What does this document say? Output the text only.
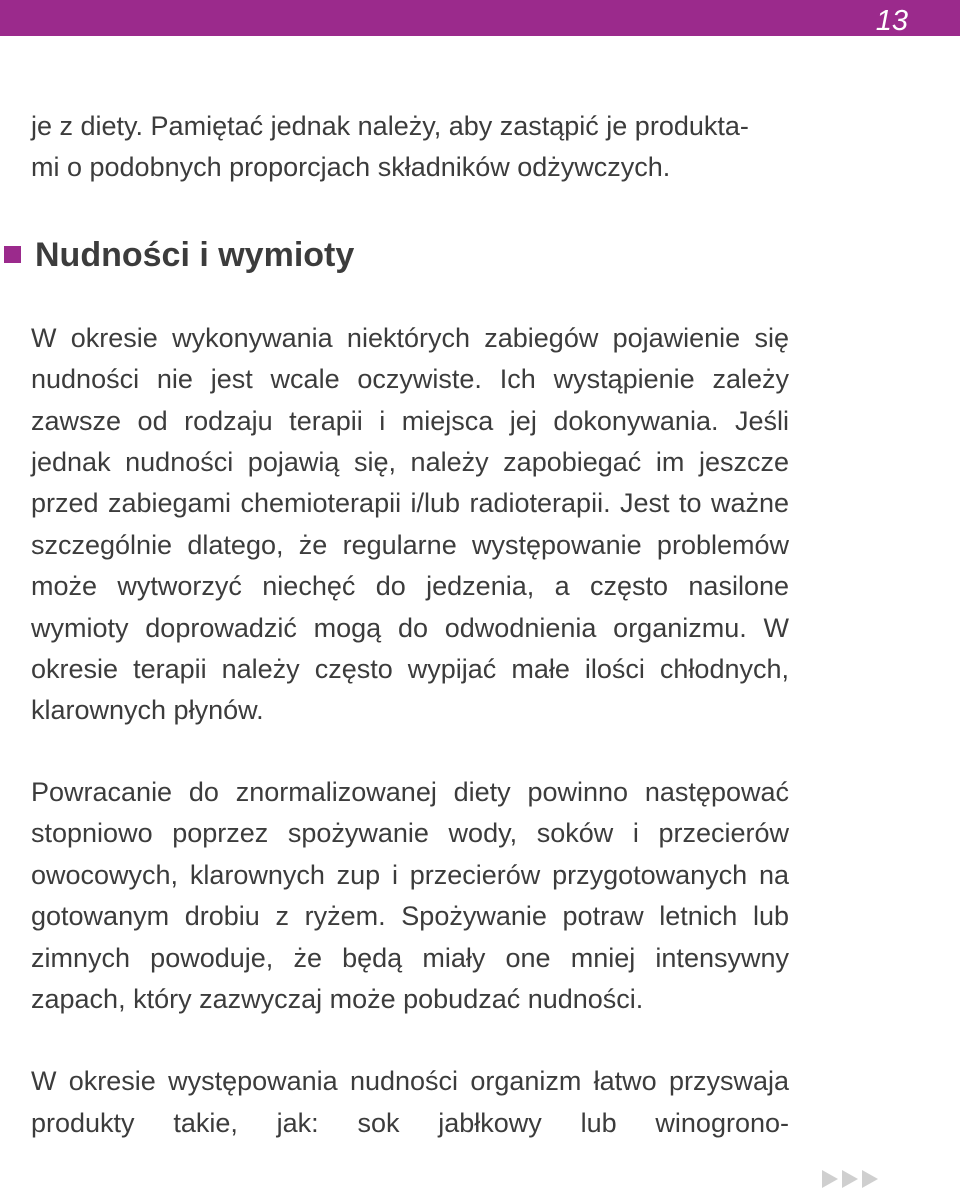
13
je z diety. Pamiętać jednak należy, aby zastąpić je produkta-
mi o podobnych proporcjach składników odżywczych.
Nudności i wymioty

W okresie wykonywania niektórych zabiegów pojawienie się nudności nie jest wcale oczywiste. Ich wystąpienie zależy zawsze od rodzaju terapii i miejsca jej dokonywania. Jeśli jednak nudności pojawią się, należy zapobiegać im jeszcze przed zabiegami chemioterapii i/lub radioterapii. Jest to ważne szczególnie dlatego, że regularne występowanie problemów może wytworzyć niechęć do jedzenia, a często nasilone wymioty doprowadzić mogą do odwodnienia organizmu. W okresie terapii należy często wypijać małe ilości chłodnych, klarownych płynów.

Powracanie do znormalizowanej diety powinno następować stopniowo poprzez spożywanie wody, soków i przecierów owocowych, klarownych zup i przecierów przygotowanych na gotowanym drobiu z ryżem. Spożywanie potraw letnich lub zimnych powoduje, że będą miały one mniej intensywny zapach, który zazwyczaj może pobudzać nudności.

W okresie występowania nudności organizm łatwo przyswaja produkty takie, jak: sok jabłkowy lub winogrono-
